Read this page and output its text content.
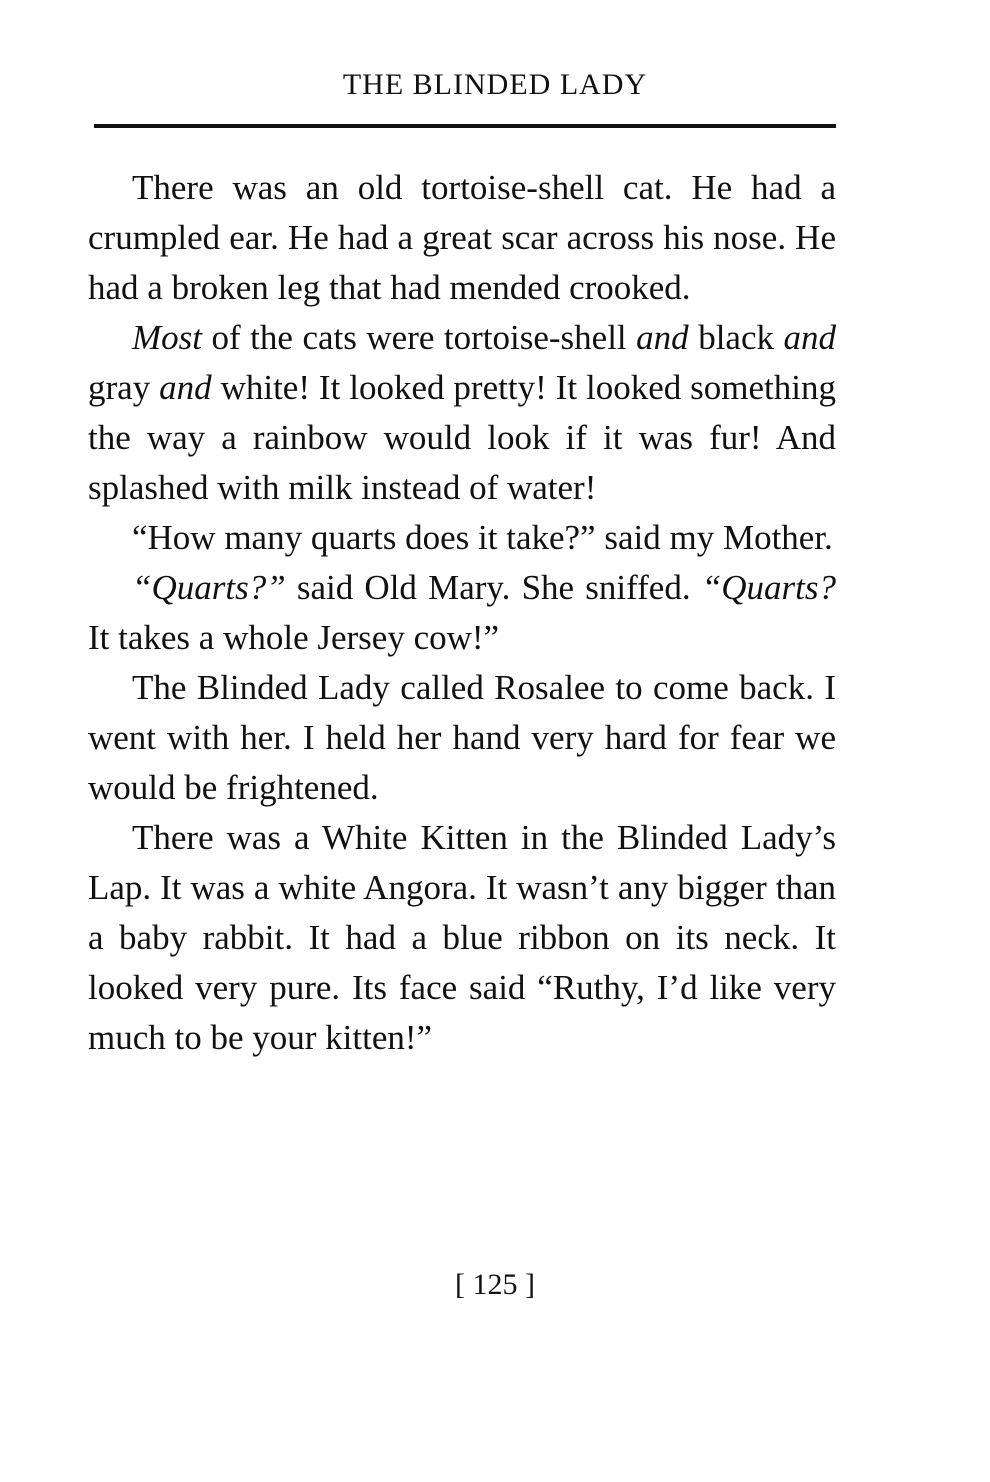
THE BLINDED LADY

There was an old tortoise-shell cat. He had a crumpled ear. He had a great scar across his nose. He had a broken leg that had mended crooked.

Most of the cats were tortoise-shell and black and gray and white! It looked pretty! It looked something the way a rainbow would look if it was fur! And splashed with milk instead of water!

“How many quarts does it take?” said my Mother.

“Quarts?” said Old Mary. She sniffed. “Quarts? It takes a whole Jersey cow!”

The Blinded Lady called Rosalee to come back. I went with her. I held her hand very hard for fear we would be frightened.

There was a White Kitten in the Blinded Lady’s Lap. It was a white Angora. It wasn’t any bigger than a baby rabbit. It had a blue ribbon on its neck. It looked very pure. Its face said “Ruthy, I’d like very much to be your kitten!”

[ 125 ]
